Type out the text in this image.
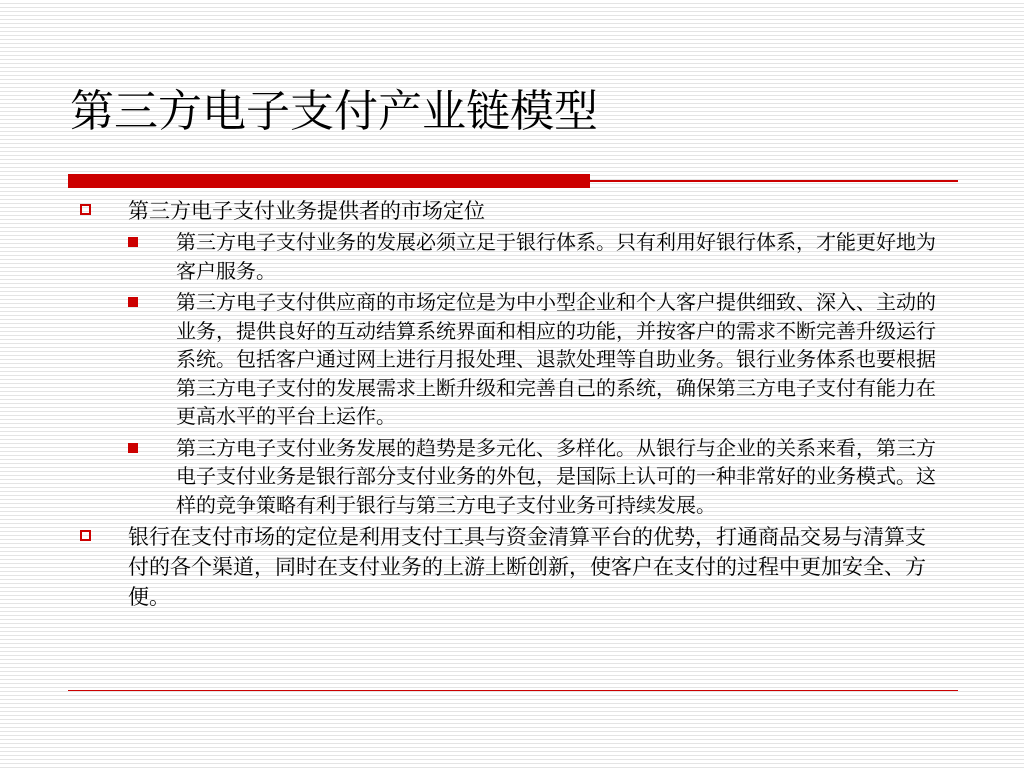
第三方电子支付产业链模型

第三方电子支付业务提供者的市场定位

第三方电子支付业务的发展必须立足于银行体系。只有利用好银行体系，才能更好地为客户服务。

第三方电子支付供应商的市场定位是为中小型企业和个人客户提供细致、深入、主动的业务，提供良好的互动结算系统界面和相应的功能，并按客户的需求不断完善升级运行系统。包括客户通过网上进行月报处理、退款处理等自助业务。银行业务体系也要根据第三方电子支付的发展需求上断升级和完善自己的系统，确保第三方电子支付有能力在更高水平的平台上运作。

第三方电子支付业务发展的趋势是多元化、多样化。从银行与企业的关系来看，第三方电子支付业务是银行部分支付业务的外包，是国际上认可的一种非常好的业务模式。这样的竞争策略有利于银行与第三方电子支付业务可持续发展。

银行在支付市场的定位是利用支付工具与资金清算平台的优势，打通商品交易与清算支付的各个渠道，同时在支付业务的上游上断创新，使客户在支付的过程中更加安全、方便。
